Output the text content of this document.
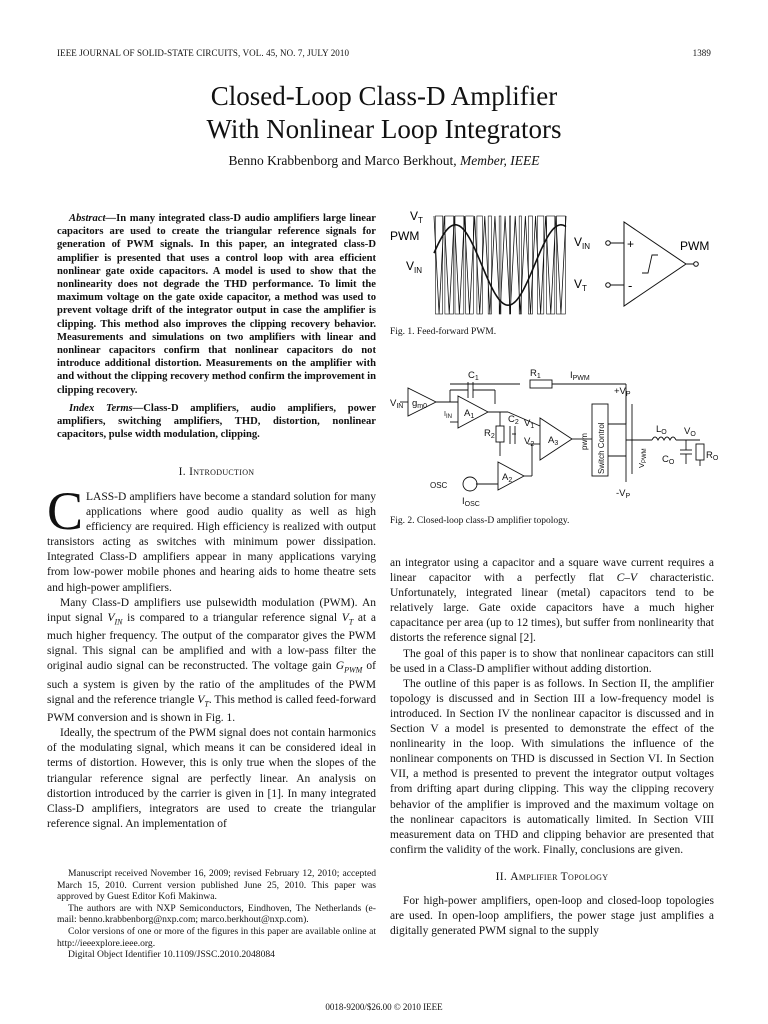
IEEE JOURNAL OF SOLID-STATE CIRCUITS, VOL. 45, NO. 7, JULY 2010	1389
Closed-Loop Class-D Amplifier
With Nonlinear Loop Integrators
Benno Krabbenborg and Marco Berkhout, Member, IEEE

Abstract—In many integrated class-D audio amplifiers large linear capacitors are used to create the triangular reference signals for generation of PWM signals. In this paper, an integrated class-D amplifier is presented that uses a control loop with area efficient nonlinear gate oxide capacitors. A model is used to show that the nonlinearity does not degrade the THD performance. To limit the maximum voltage on the gate oxide capacitor, a method was used to prevent voltage drift of the integrator output in case the amplifier is clipping. This method also improves the clipping recovery behavior. Measurements and simulations on two amplifiers with linear and nonlinear capacitors confirm that nonlinear capacitors do not introduce additional distortion. Measurements on the amplifier with and without the clipping recovery method confirm the improvement in clipping recovery.

Index Terms—Class-D amplifiers, audio amplifiers, power amplifiers, switching amplifiers, THD, distortion, nonlinear capacitors, pulse width modulation, clipping.

I. Introduction

CLASS-D amplifiers have become a standard solution for many applications where good audio quality as well as high efficiency are required. High efficiency is realized with output transistors acting as switches with minimum power dissipation. Integrated Class-D amplifiers appear in many applications varying from low-power mobile phones and hearing aids to home theatre sets and high-power amplifiers.

Many Class-D amplifiers use pulsewidth modulation (PWM). An input signal $V_{IN}$ is compared to a triangular reference signal $V_T$ at a much higher frequency. The output of the comparator gives the PWM signal. This signal can be amplified and with a low-pass filter the original audio signal can be reconstructed. The voltage gain $G_{PWM}$ of such a system is given by the ratio of the amplitudes of the PWM signal and the reference triangle $V_T$. This method is called feed-forward PWM conversion and is shown in Fig. 1.

Ideally, the spectrum of the PWM signal does not contain harmonics of the modulating signal, which means it can be considered ideal in terms of distortion. However, this is only true when the slopes of the triangular reference signal are perfectly linear. An analysis on distortion introduced by the carrier is given in [1]. In many integrated Class-D amplifiers, integrators are used to create the triangular reference signal. An implementation of

Manuscript received November 16, 2009; revised February 12, 2010; accepted March 15, 2010. Current version published June 25, 2010. This paper was approved by Guest Editor Kofi Makinwa.

The authors are with NXP Semiconductors, Eindhoven, The Netherlands (e-mail: benno.krabbenborg@nxp.com; marco.berkhout@nxp.com).

Color versions of one or more of the figures in this paper are available online at http://ieeexplore.ieee.org.

Digital Object Identifier 10.1109/JSSC.2010.2048084

$V_T$
PWM
$V_{IN}$
$V_{IN}$
$V_T$
+
-
PWM
Fig. 1. Feed-forward PWM.
$C_1$	$R_1$	$I_{PWM}$
$+V_P$
$V_{IN}$ $g_{m0}$
IIN $A_1$
$V_1$
$R_2$
$C_2$
$V_2$ $A_3$	pwm Switch Control	$V_{PWM}$
$L_O$ $V_O$
$C_O$
$R_O$
$A_2$
OSC
$I_{OSC}$
$-V_P$
Fig. 2. Closed-loop class-D amplifier topology.

an integrator using a capacitor and a square wave current requires a linear capacitor with a perfectly flat C–V characteristic. Unfortunately, integrated linear (metal) capacitors tend to be relatively large. Gate oxide capacitors have a much higher capacitance per area (up to 12 times), but suffer from nonlinearity that distorts the reference signal [2].

The goal of this paper is to show that nonlinear capacitors can still be used in a Class-D amplifier without adding distortion.

The outline of this paper is as follows. In Section II, the amplifier topology is discussed and in Section III a low-frequency model is introduced. In Section IV the nonlinear capacitor is discussed and in Section V a model is presented to demonstrate the effect of the nonlinearity in the loop. With simulations the influence of the nonlinear components on THD is discussed in Section VI. In Section VII, a method is presented to prevent the integrator output voltages from drifting apart during clipping. This way the clipping recovery behavior of the amplifier is improved and the maximum voltage on the nonlinear capacitors is automatically limited. In Section VIII measurement data on THD and clipping behavior are presented that confirm the validity of the work. Finally, conclusions are given.

II. Amplifier Topology

For high-power amplifiers, open-loop and closed-loop topologies are used. In open-loop amplifiers, the power stage just amplifies a digitally generated PWM signal to the supply

0018-9200/$26.00 © 2010 IEEE
